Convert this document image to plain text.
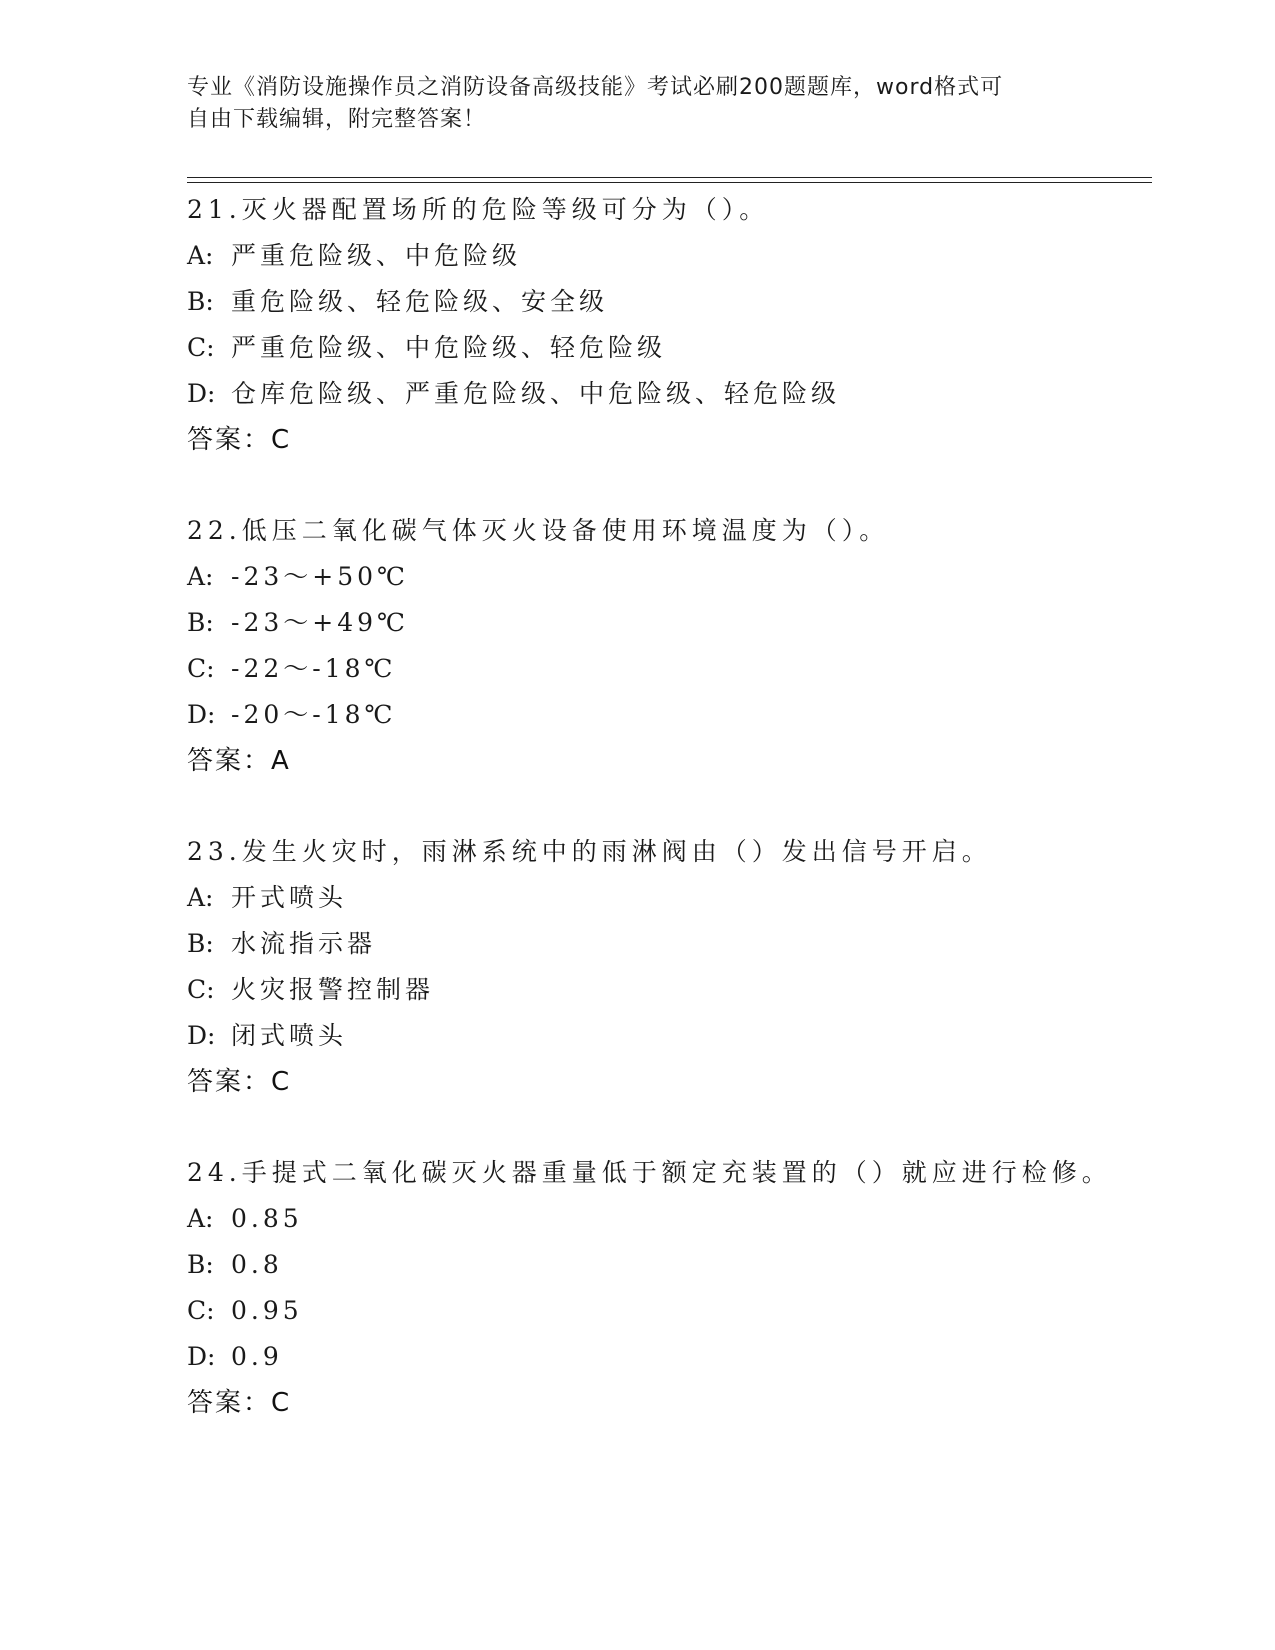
专业《消防设施操作员之消防设备高级技能》考试必刷200题题库，word格式可
自由下载编辑，附完整答案！
21.灭火器配置场所的危险等级可分为（）。
A: 严重危险级、中危险级
B: 重危险级、轻危险级、安全级
C: 严重危险级、中危险级、轻危险级
D: 仓库危险级、严重危险级、中危险级、轻危险级
答案：C
22.低压二氧化碳气体灭火设备使用环境温度为（）。
A: -23～+50℃
B: -23～+49℃
C: -22～-18℃
D: -20～-18℃
答案：A
23.发生火灾时，雨淋系统中的雨淋阀由（）发出信号开启。
A: 开式喷头
B: 水流指示器
C: 火灾报警控制器
D: 闭式喷头
答案：C
24.手提式二氧化碳灭火器重量低于额定充装置的（）就应进行检修。
A: 0.85
B: 0.8
C: 0.95
D: 0.9
答案：C
